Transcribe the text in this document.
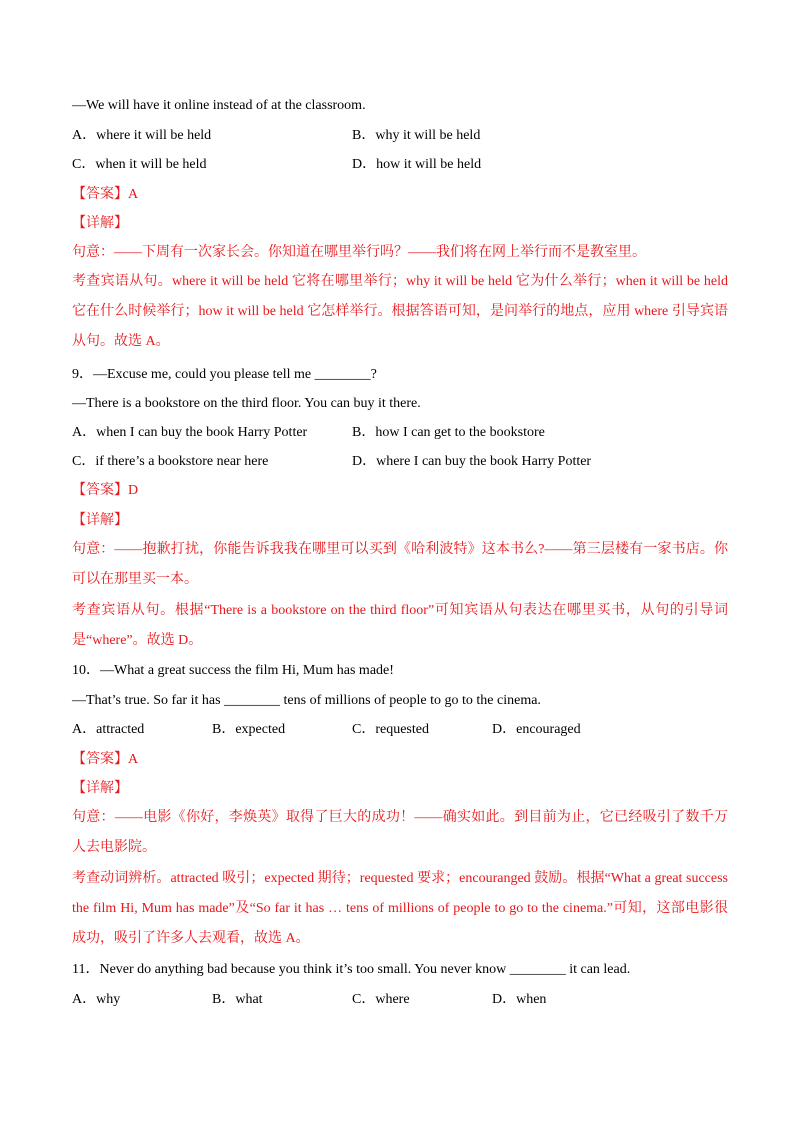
—We will have it online instead of at the classroom.
A．where it will be held	B．why it will be held
C．when it will be held	D．how it will be held
【答案】A
【详解】
句意：——下周有一次家长会。你知道在哪里举行吗？——我们将在网上举行而不是教室里。
考查宾语从句。where it will be held 它将在哪里举行；why it will be held 它为什么举行；when it will be held 它在什么时候举行；how it will be held 它怎样举行。根据答语可知，是问举行的地点，应用 where 引导宾语从句。故选 A。
9．—Excuse me, could you please tell me ________?
—There is a bookstore on the third floor. You can buy it there.
A．when I can buy the book Harry Potter	B．how I can get to the bookstore
C．if there’s a bookstore near here	D．where I can buy the book Harry Potter
【答案】D
【详解】
句意：——抱歉打扰，你能告诉我我在哪里可以买到《哈利波特》这本书么?——第三层楼有一家书店。你可以在那里买一本。
考查宾语从句。根据“There is a bookstore on the third floor”可知宾语从句表达在哪里买书，从句的引导词是“where”。故选 D。
10．—What a great success the film Hi, Mum has made!
—That’s true. So far it has ________ tens of millions of people to go to the cinema.
A．attracted	B．expected	C．requested	D．encouraged
【答案】A
【详解】
句意：——电影《你好，李焕英》取得了巨大的成功！——确实如此。到目前为止，它已经吸引了数千万人去电影院。
考查动词辨析。attracted 吸引；expected 期待；requested 要求；encouranged 鼓励。根据“What a great success the film Hi, Mum has made”及“So far it has … tens of millions of people to go to the cinema.”可知，这部电影很成功，吸引了许多人去观看，故选 A。
11．Never do anything bad because you think it’s too small. You never know ________ it can lead.
A．why	B．what	C．where	D．when
